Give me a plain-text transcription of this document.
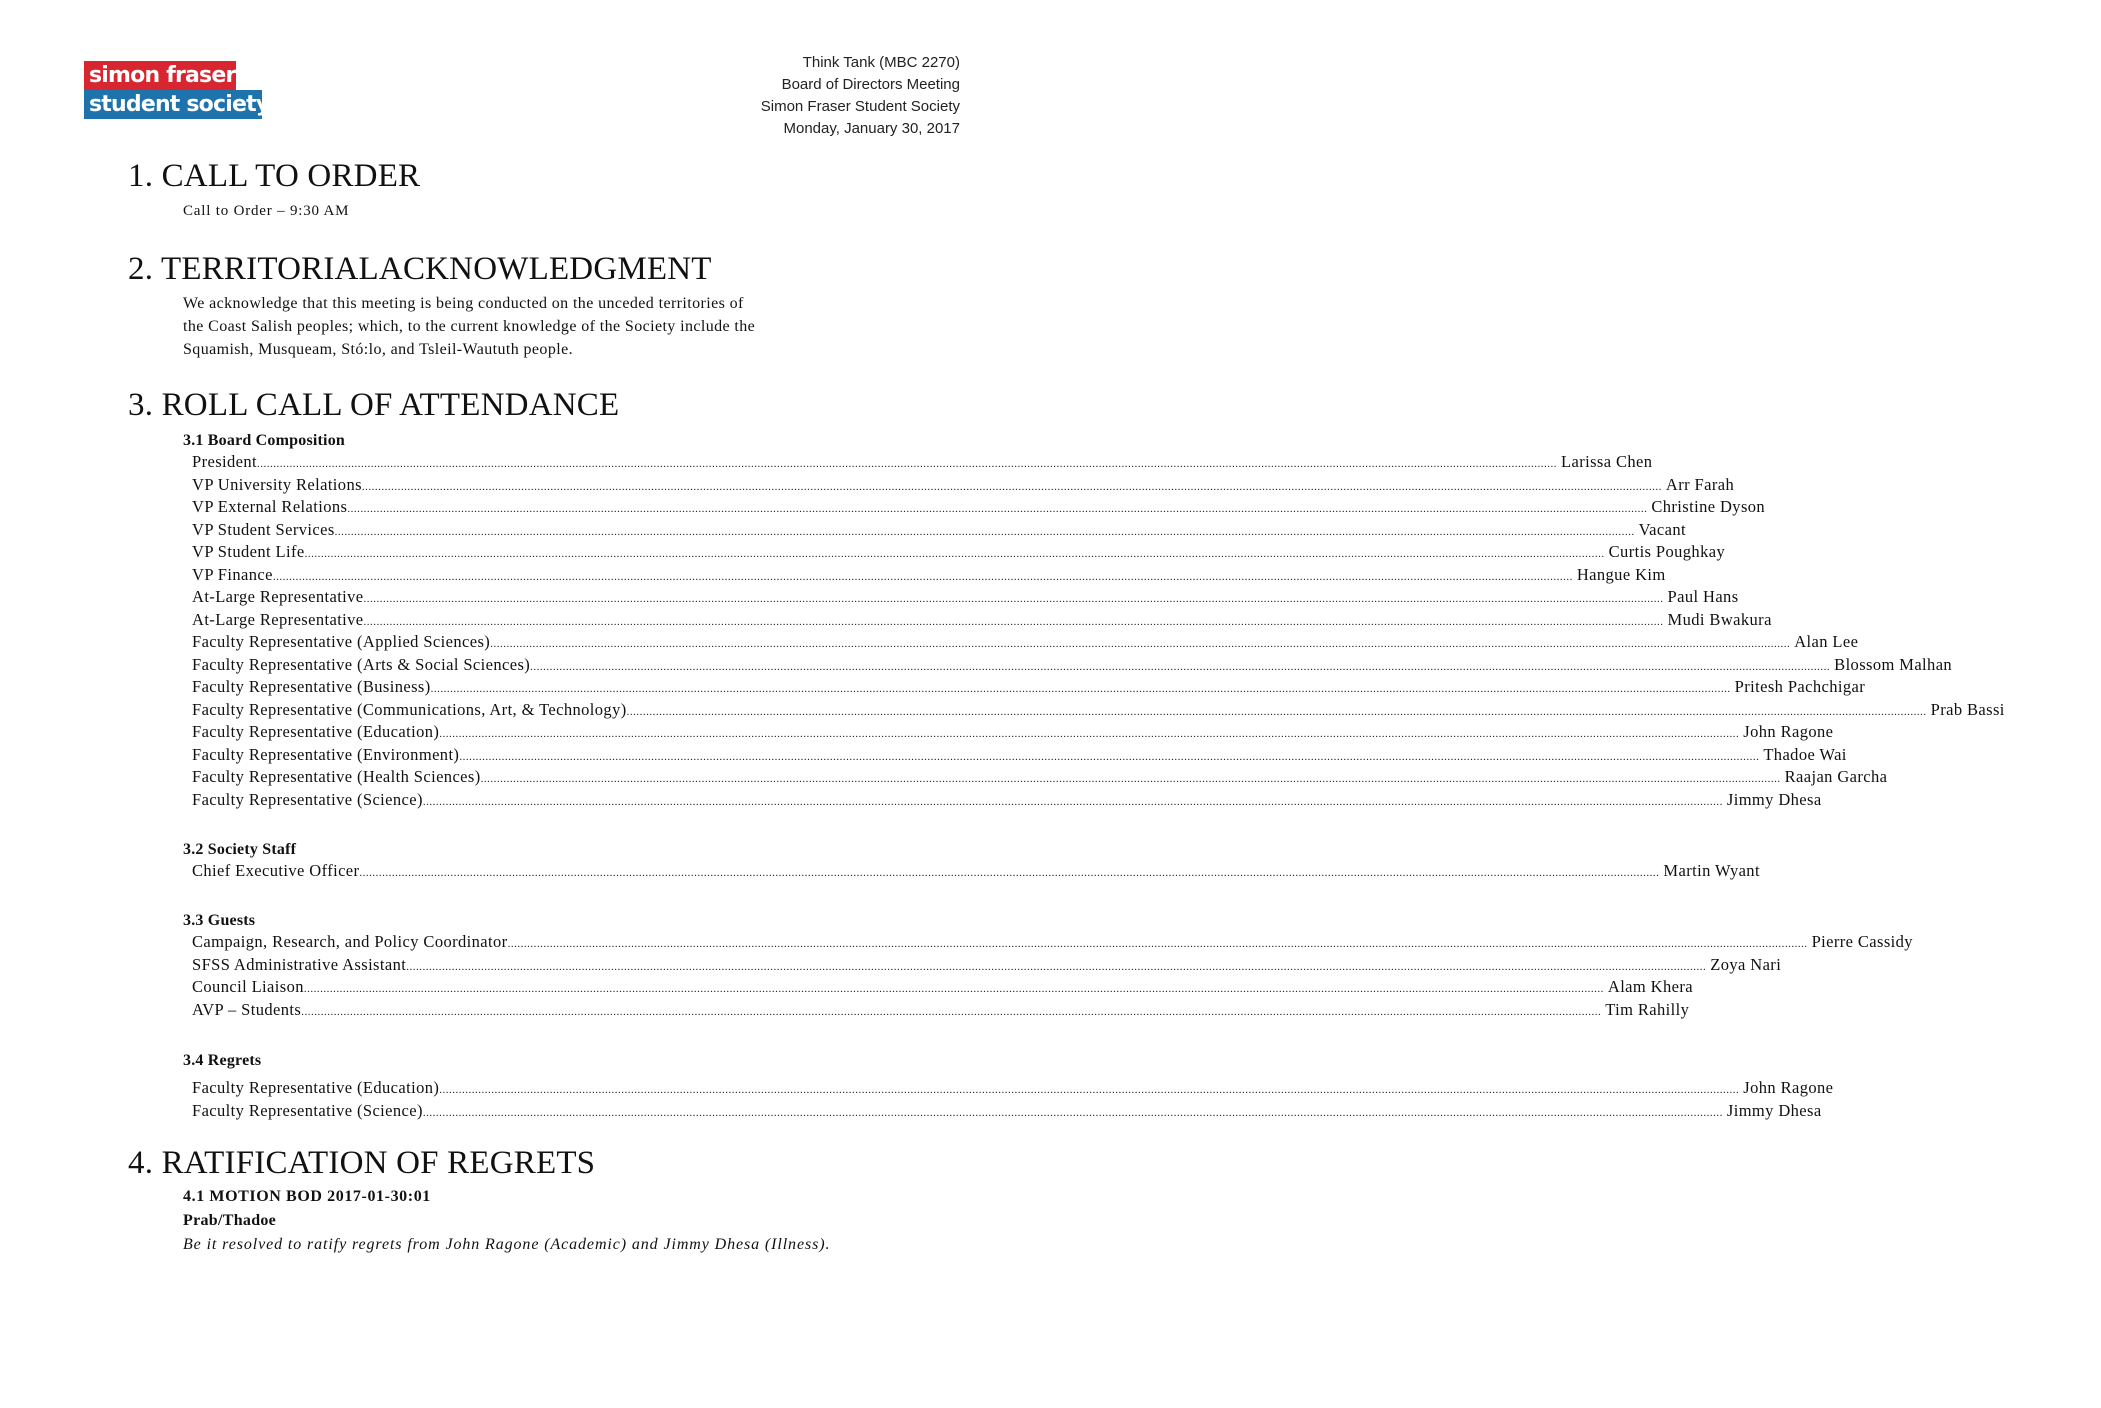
simon fraser
student society
Think Tank (MBC 2270)
Board of Directors Meeting
Simon Fraser Student Society
Monday, January 30, 2017
1. CALL TO ORDER
Call to Order – 9:30 AM
2. TERRITORIALACKNOWLEDGMENT
We acknowledge that this meeting is being conducted on the unceded territories of
the Coast Salish peoples; which, to the current knowledge of the Society include the
Squamish, Musqueam, Stó:lo, and Tsleil-Waututh people.
3. ROLL CALL OF ATTENDANCE
3.1 Board Composition
President ................................................................................................................................................................................................................................................................................................................................................................................................................ Larissa Chen
VP University Relations ................................................................................................................................................................................................................................................................................................................................................................................................................ Arr Farah
VP External Relations ................................................................................................................................................................................................................................................................................................................................................................................................................ Christine Dyson
VP Student Services ................................................................................................................................................................................................................................................................................................................................................................................................................ Vacant
VP Student Life ................................................................................................................................................................................................................................................................................................................................................................................................................ Curtis Poughkay
VP Finance ................................................................................................................................................................................................................................................................................................................................................................................................................ Hangue Kim
At-Large Representative ................................................................................................................................................................................................................................................................................................................................................................................................................ Paul Hans
At-Large Representative ................................................................................................................................................................................................................................................................................................................................................................................................................ Mudi Bwakura
Faculty Representative (Applied Sciences) ................................................................................................................................................................................................................................................................................................................................................................................................................ Alan Lee
Faculty Representative (Arts & Social Sciences) ................................................................................................................................................................................................................................................................................................................................................................................................................ Blossom Malhan
Faculty Representative (Business) ................................................................................................................................................................................................................................................................................................................................................................................................................ Pritesh Pachchigar
Faculty Representative (Communications, Art, & Technology) ................................................................................................................................................................................................................................................................................................................................................................................................................ Prab Bassi
Faculty Representative (Education) ................................................................................................................................................................................................................................................................................................................................................................................................................ John Ragone
Faculty Representative (Environment) ................................................................................................................................................................................................................................................................................................................................................................................................................ Thadoe Wai
Faculty Representative (Health Sciences) ................................................................................................................................................................................................................................................................................................................................................................................................................ Raajan Garcha
Faculty Representative (Science) ................................................................................................................................................................................................................................................................................................................................................................................................................ Jimmy Dhesa
3.2 Society Staff
Chief Executive Officer ................................................................................................................................................................................................................................................................................................................................................................................................................ Martin Wyant
3.3 Guests
Campaign, Research, and Policy Coordinator ................................................................................................................................................................................................................................................................................................................................................................................................................ Pierre Cassidy
SFSS Administrative Assistant ................................................................................................................................................................................................................................................................................................................................................................................................................ Zoya Nari
Council Liaison ................................................................................................................................................................................................................................................................................................................................................................................................................ Alam Khera
AVP – Students ................................................................................................................................................................................................................................................................................................................................................................................................................ Tim Rahilly
3.4 Regrets
Faculty Representative (Education) ................................................................................................................................................................................................................................................................................................................................................................................................................ John Ragone
Faculty Representative (Science) ................................................................................................................................................................................................................................................................................................................................................................................................................ Jimmy Dhesa
4. RATIFICATION OF REGRETS
4.1 MOTION BOD 2017-01-30:01
Prab/Thadoe
Be it resolved to ratify regrets from John Ragone (Academic) and Jimmy Dhesa (Illness).
